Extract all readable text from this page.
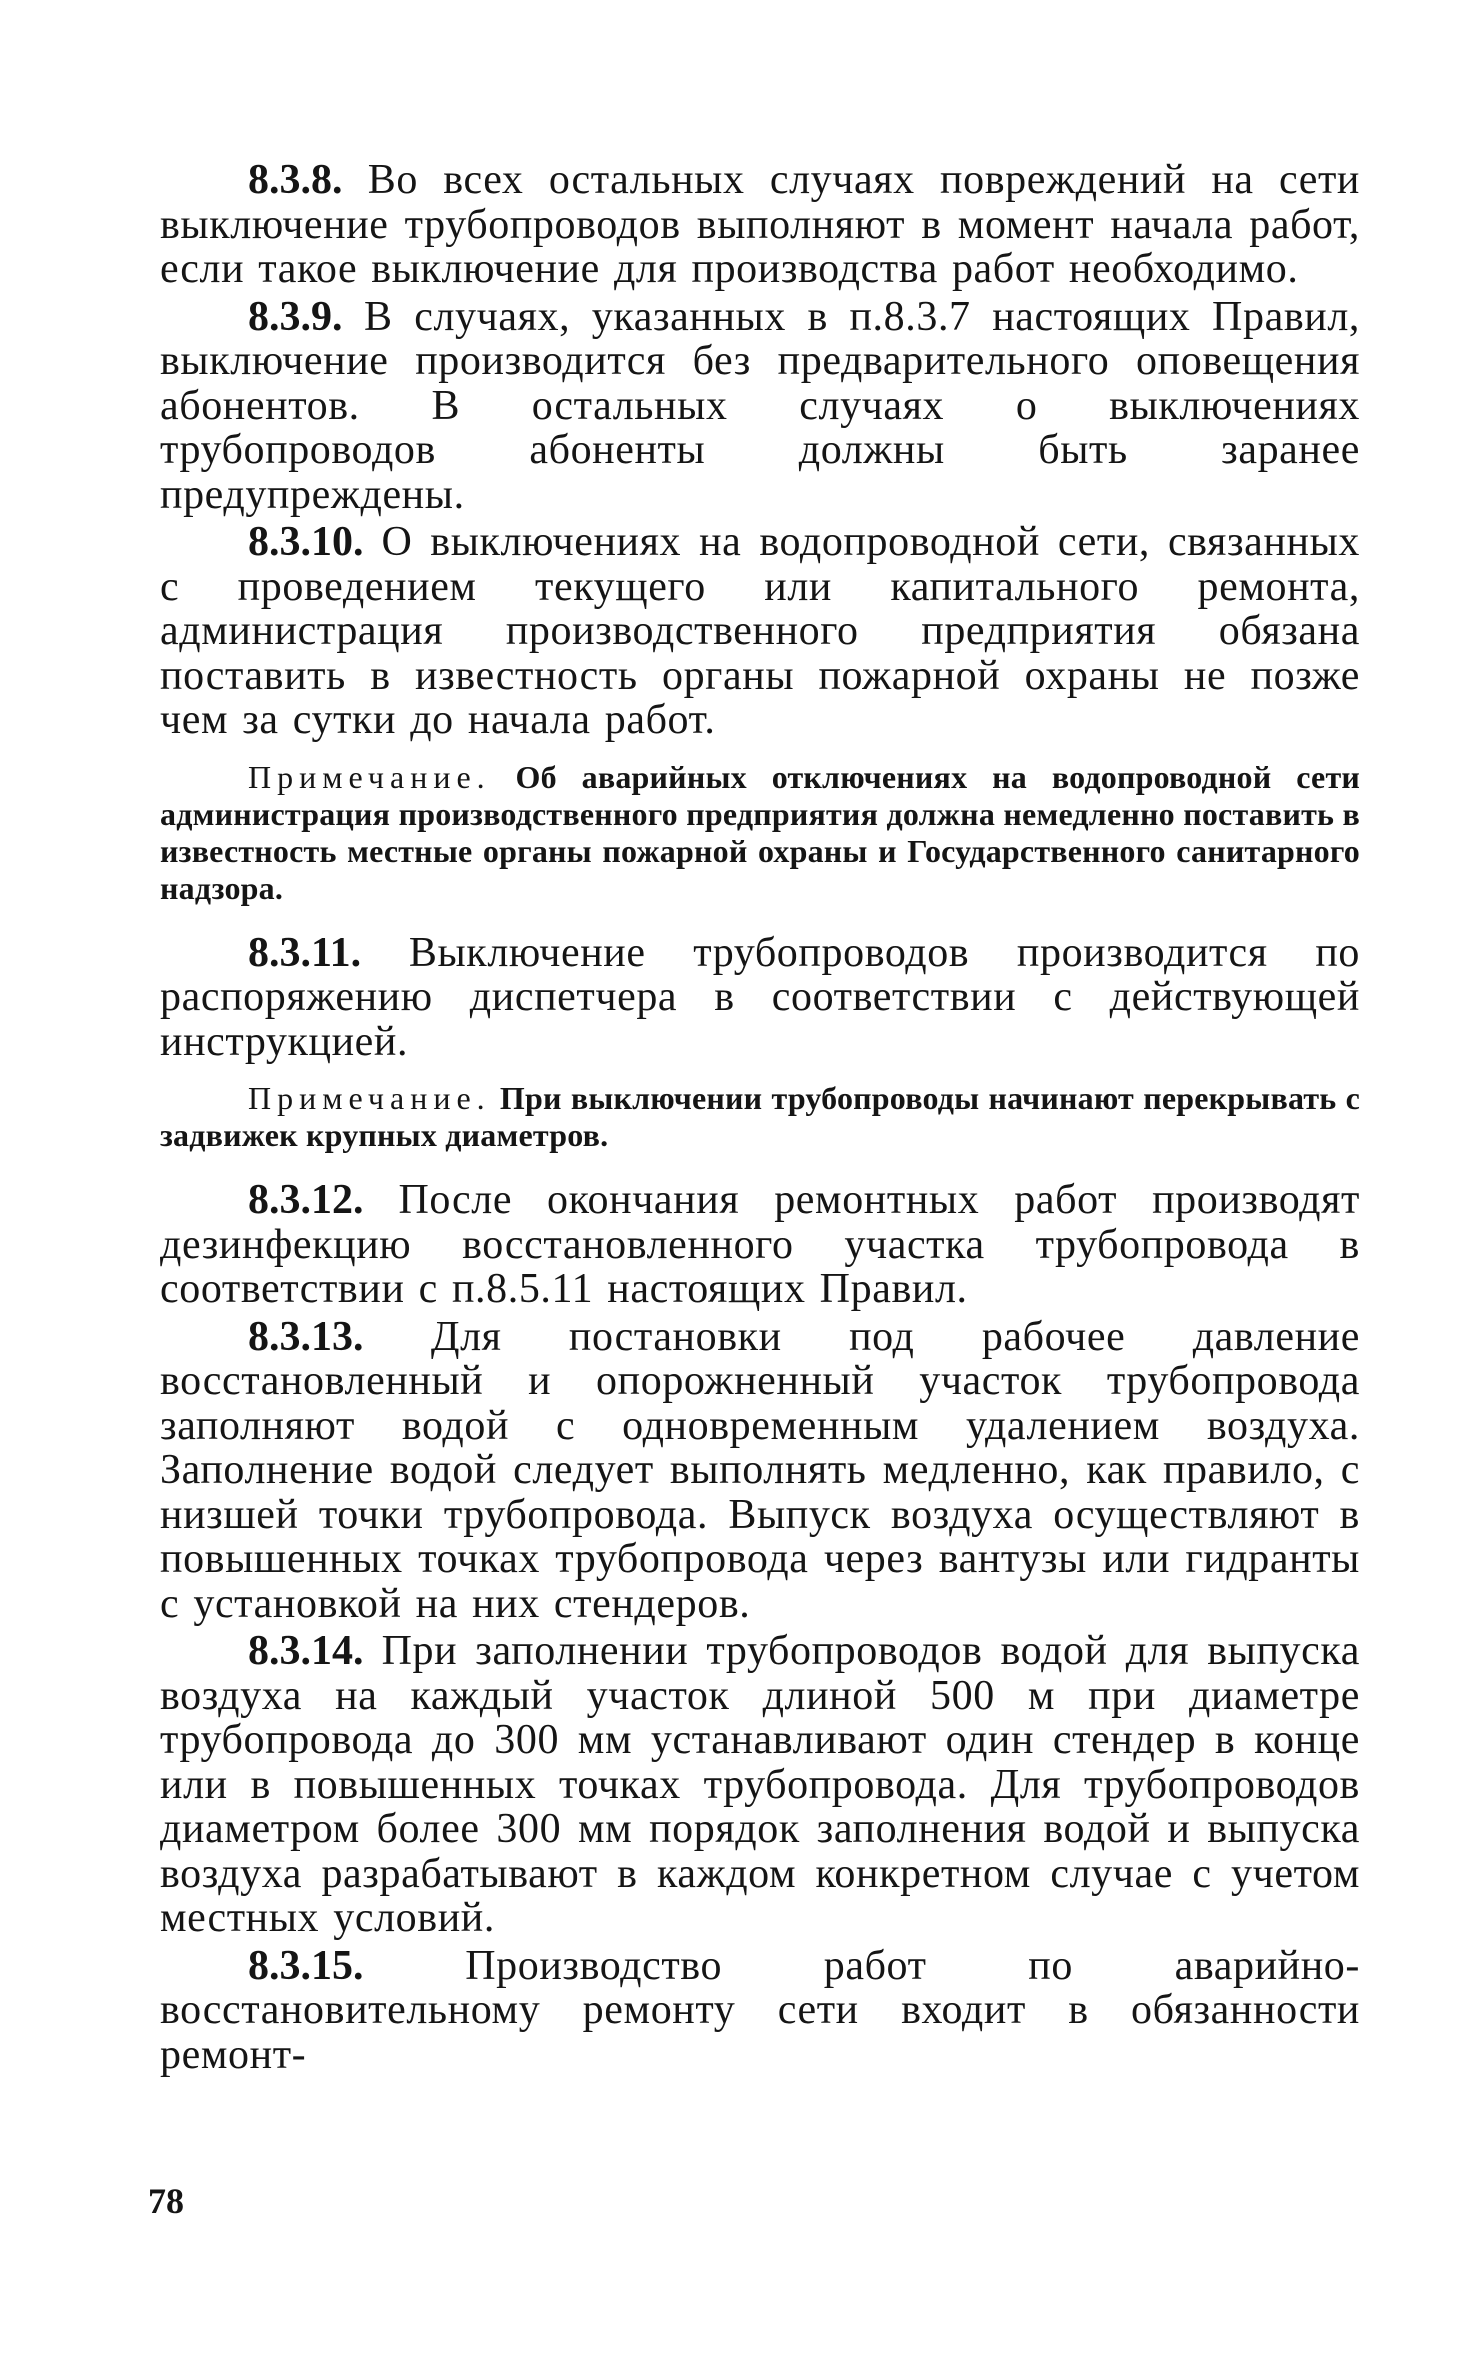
8.3.8. Во всех остальных случаях повреждений на сети выключение трубопроводов выполняют в момент начала работ, если такое выключение для производства работ необходимо.

8.3.9. В случаях, указанных в п.8.3.7 настоящих Правил, выключение производится без предварительного оповещения абонентов. В остальных случаях о выключениях трубопроводов абоненты должны быть заранее предупреждены.

8.3.10. О выключениях на водопроводной сети, связанных с проведением текущего или капитального ремонта, администрация производственного предприятия обязана поставить в известность органы пожарной охраны не позже чем за сутки до начала работ.

Примечание. Об аварийных отключениях на водопроводной сети администрация производственного предприятия должна немедленно поставить в известность местные органы пожарной охраны и Государственного санитарного надзора.

8.3.11. Выключение трубопроводов производится по распоряжению диспетчера в соответствии с действующей инструкцией.

Примечание. При выключении трубопроводы начинают перекрывать с задвижек крупных диаметров.

8.3.12. После окончания ремонтных работ производят дезинфекцию восстановленного участка трубопровода в соответствии с п.8.5.11 настоящих Правил.

8.3.13. Для постановки под рабочее давление восстановленный и опорожненный участок трубопровода заполняют водой с одновременным удалением воздуха. Заполнение водой следует выполнять медленно, как правило, с низшей точки трубопровода. Выпуск воздуха осуществляют в повышенных точках трубопровода через вантузы или гидранты с установкой на них стендеров.

8.3.14. При заполнении трубопроводов водой для выпуска воздуха на каждый участок длиной 500 м при диаметре трубопровода до 300 мм устанавливают один стендер в конце или в повышенных точках трубопровода. Для трубопроводов диаметром более 300 мм порядок заполнения водой и выпуска воздуха разрабатывают в каждом конкретном случае с учетом местных условий.

8.3.15. Производство работ по аварийно-восстановительному ремонту сети входит в обязанности ремонт-

78
